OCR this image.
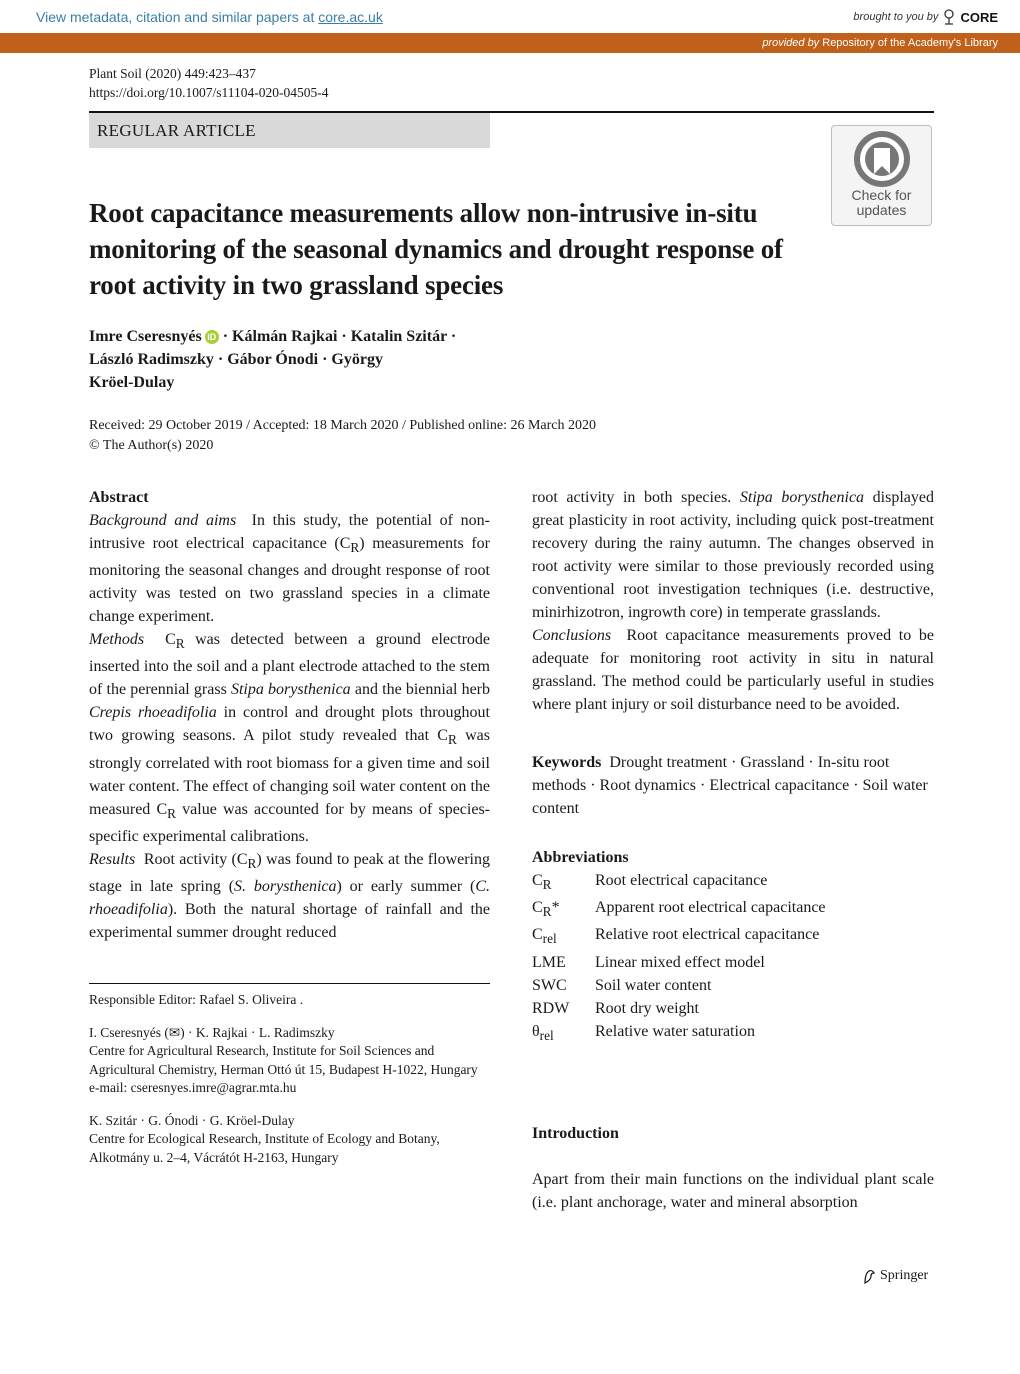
View metadata, citation and similar papers at core.ac.uk	brought to you by CORE
provided by Repository of the Academy's Library
Plant Soil (2020) 449:423–437
https://doi.org/10.1007/s11104-020-04505-4
REGULAR ARTICLE
Check for
updates
Root capacitance measurements allow non-intrusive in-situ monitoring of the seasonal dynamics and drought response of root activity in two grassland species
Imre Cseresnyés iD · Kálmán Rajkai · Katalin Szitár ·
László Radimszky · Gábor Ónodi · György
Kröel-Dulay
Received: 29 October 2019 / Accepted: 18 March 2020 / Published online: 26 March 2020
© The Author(s) 2020
Abstract
Background and aims In this study, the potential of non-intrusive root electrical capacitance $(C_R)$ measurements for monitoring the seasonal changes and drought response of root activity was tested on two grassland species in a climate change experiment.
Methods $C_R$ was detected between a ground electrode inserted into the soil and a plant electrode attached to the stem of the perennial grass Stipa borysthenica and the biennial herb Crepis rhoeadifolia in control and drought plots throughout two growing seasons. A pilot study revealed that $C_R$ was strongly correlated with root biomass for a given time and soil water content. The effect of changing soil water content on the measured $C_R$ value was accounted for by means of species-specific experimental calibrations.
Results Root activity $(C_R)$ was found to peak at the flowering stage in late spring (S. borysthenica) or early summer (C. rhoeadifolia). Both the natural shortage of rainfall and the experimental summer drought reduced
Responsible Editor: Rafael S. Oliveira .
I. Cseresnyés (✉) · K. Rajkai · L. Radimszky
Centre for Agricultural Research, Institute for Soil Sciences and Agricultural Chemistry, Herman Ottó út 15, Budapest H-1022, Hungary
e-mail: cseresnyes.imre@agrar.mta.hu
K. Szitár · G. Ónodi · G. Kröel-Dulay
Centre for Ecological Research, Institute of Ecology and Botany, Alkotmány u. 2–4, Vácrátót H-2163, Hungary
root activity in both species. Stipa borysthenica displayed great plasticity in root activity, including quick post-treatment recovery during the rainy autumn. The changes observed in root activity were similar to those previously recorded using conventional root investigation techniques (i.e. destructive, minirhizotron, ingrowth core) in temperate grasslands.
Conclusions Root capacitance measurements proved to be adequate for monitoring root activity in situ in natural grassland. The method could be particularly useful in studies where plant injury or soil disturbance need to be avoided.
Keywords Drought treatment · Grassland · In-situ root methods · Root dynamics · Electrical capacitance · Soil water content
Abbreviations
$C_R$	Root electrical capacitance
$C_R*$	Apparent root electrical capacitance
$C_{rel}$	Relative root electrical capacitance
LME	Linear mixed effect model
SWC	Soil water content
RDW	Root dry weight
$\theta_{rel}$	Relative water saturation
Introduction
Apart from their main functions on the individual plant scale (i.e. plant anchorage, water and mineral absorption
Springer
